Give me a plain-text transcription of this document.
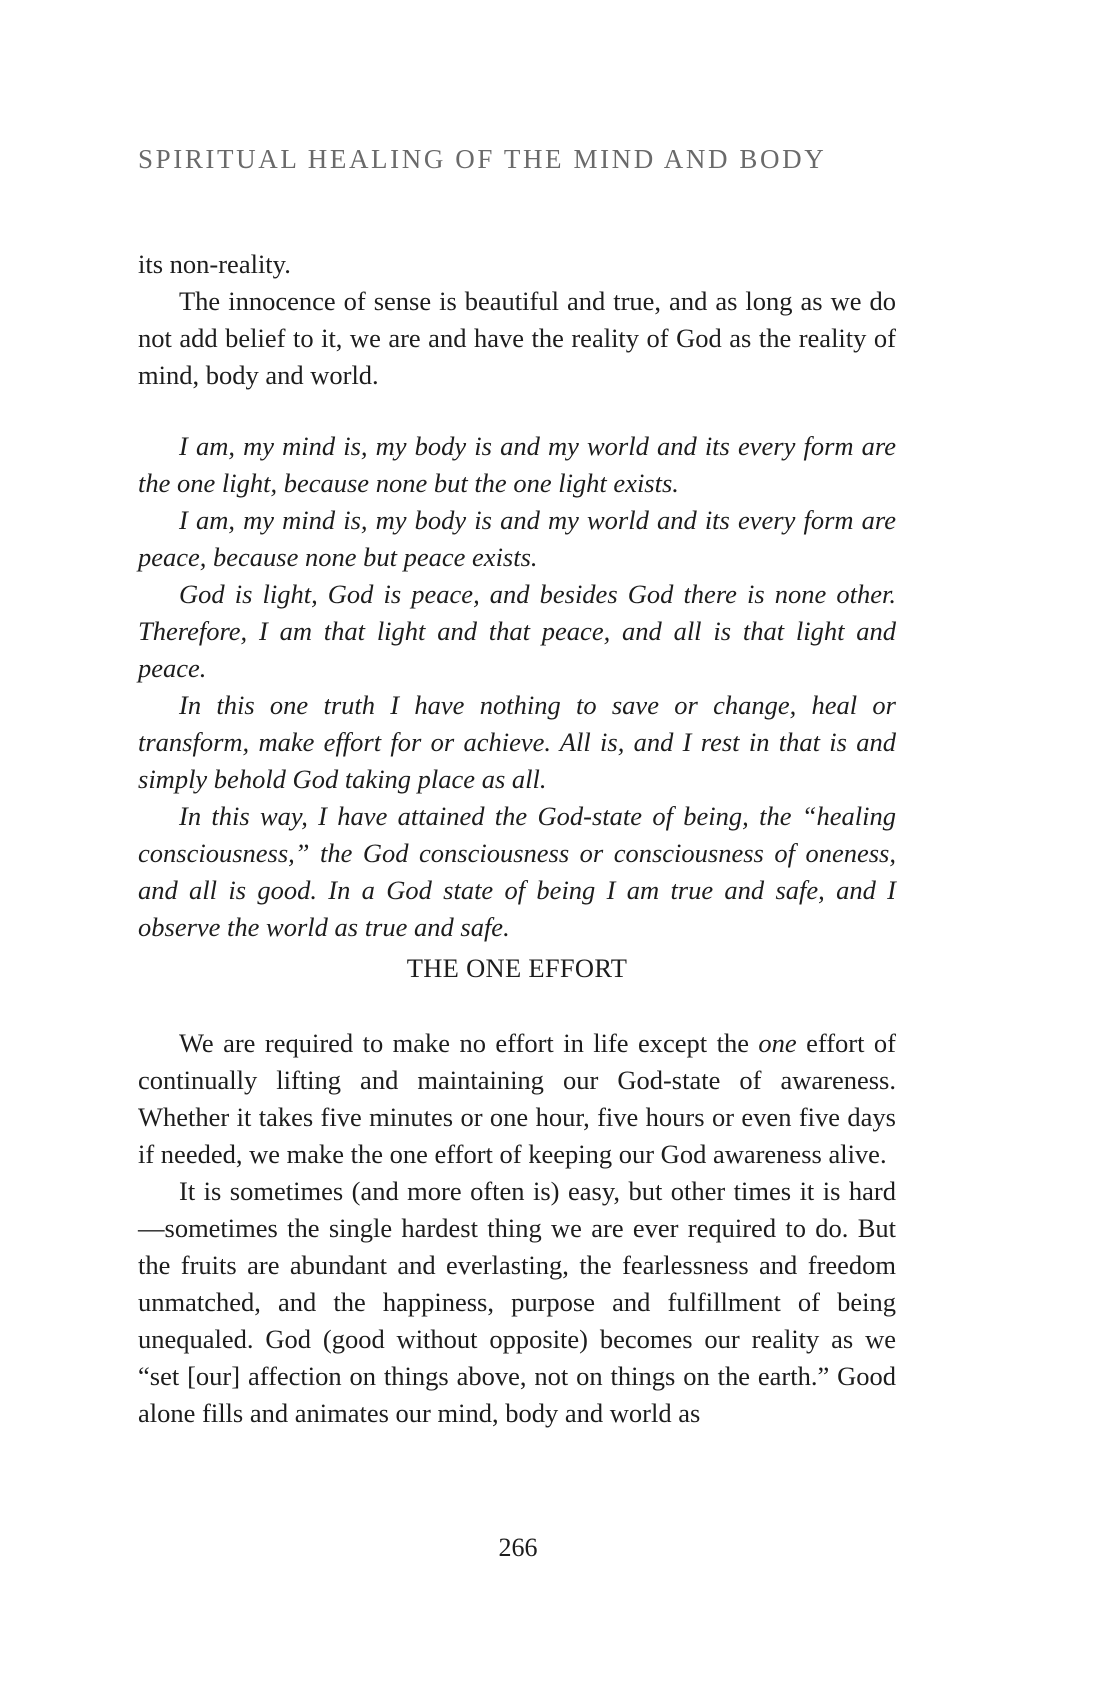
SPIRITUAL HEALING OF THE MIND AND BODY

its non-reality.

The innocence of sense is beautiful and true, and as long as we do not add belief to it, we are and have the reality of God as the reality of mind, body and world.

I am, my mind is, my body is and my world and its every form are the one light, because none but the one light exists.

I am, my mind is, my body is and my world and its every form are peace, because none but peace exists.

God is light, God is peace, and besides God there is none other. Therefore, I am that light and that peace, and all is that light and peace.

In this one truth I have nothing to save or change, heal or transform, make effort for or achieve. All is, and I rest in that is and simply behold God taking place as all.

In this way, I have attained the God-state of being, the “healing consciousness,” the God consciousness or consciousness of oneness, and all is good. In a God state of being I am true and safe, and I observe the world as true and safe.

THE ONE EFFORT

We are required to make no effort in life except the one effort of continually lifting and maintaining our God-state of awareness. Whether it takes five minutes or one hour, five hours or even five days if needed, we make the one effort of keeping our God awareness alive.

It is sometimes (and more often is) easy, but other times it is hard—sometimes the single hardest thing we are ever required to do. But the fruits are abundant and everlasting, the fearlessness and freedom unmatched, and the happiness, purpose and fulfillment of being unequaled. God (good without opposite) becomes our reality as we “set [our] affection on things above, not on things on the earth.” Good alone fills and animates our mind, body and world as

266
